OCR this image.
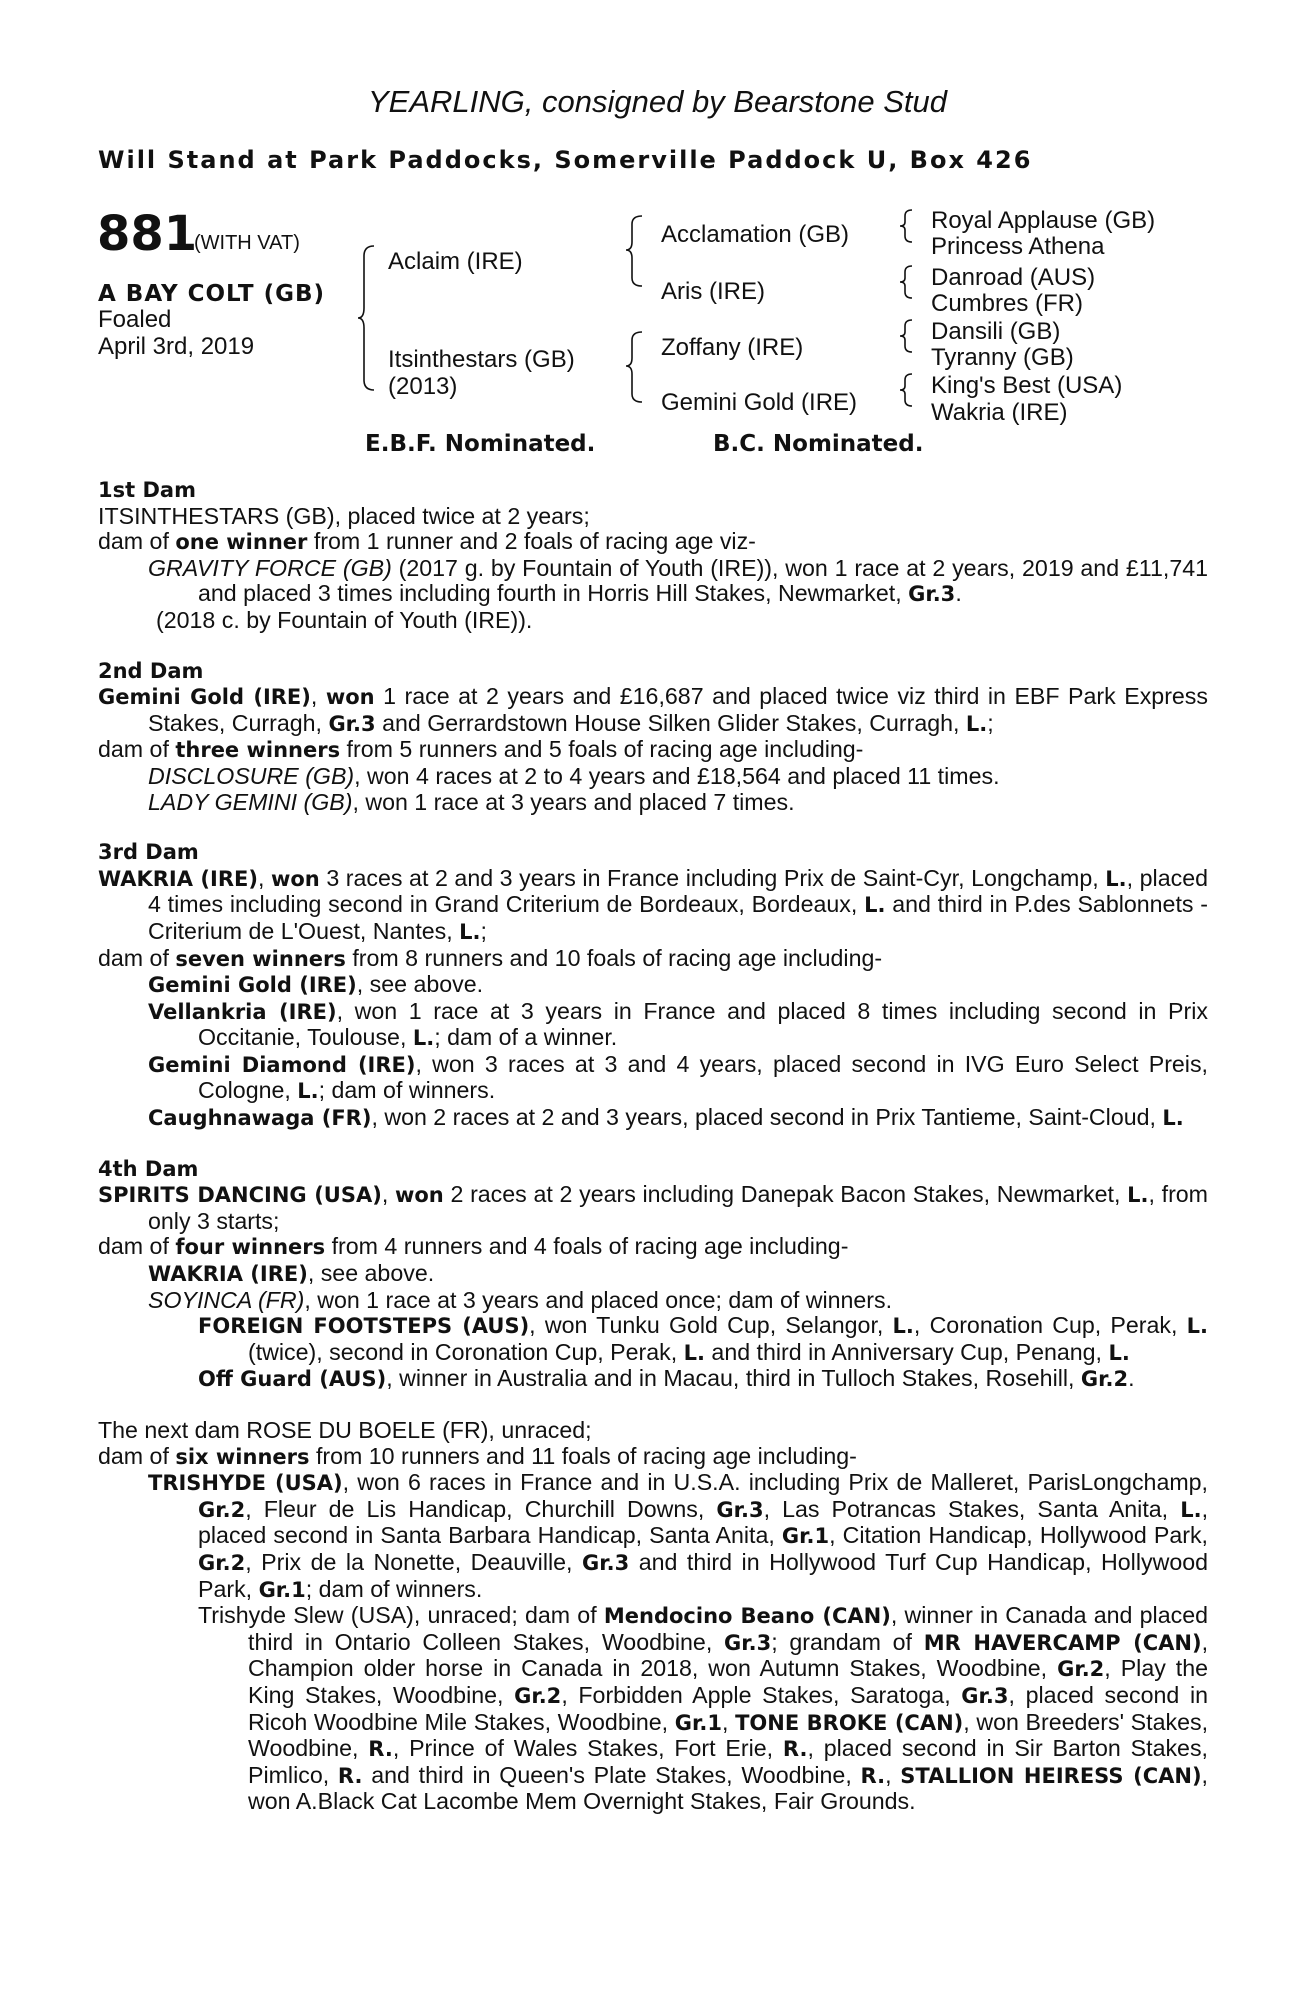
YEARLING, consigned by Bearstone Stud
Will Stand at Park Paddocks, Somerville Paddock U, Box 426
881
(WITH VAT)
A BAY COLT (GB)
Foaled
April 3rd, 2019
Aclaim (IRE)
Itsinthestars (GB)
(2013)
Acclamation (GB)
Aris (IRE)
Zoffany (IRE)
Gemini Gold (IRE)
Royal Applause (GB)
Princess Athena
Danroad (AUS)
Cumbres (FR)
Dansili (GB)
Tyranny (GB)
King's Best (USA)
Wakria (IRE)
E.B.F. Nominated.	B.C. Nominated.
1st Dam
ITSINTHESTARS (GB), placed twice at 2 years;
dam of one winner from 1 runner and 2 foals of racing age viz-
GRAVITY FORCE (GB) (2017 g. by Fountain of Youth (IRE)), won 1 race at 2 years, 2019 and £11,741 and placed 3 times including fourth in Horris Hill Stakes, Newmarket, Gr.3.
(2018 c. by Fountain of Youth (IRE)).
2nd Dam
Gemini Gold (IRE), won 1 race at 2 years and £16,687 and placed twice viz third in EBF Park Express Stakes, Curragh, Gr.3 and Gerrardstown House Silken Glider Stakes, Curragh, L.;
dam of three winners from 5 runners and 5 foals of racing age including-
DISCLOSURE (GB), won 4 races at 2 to 4 years and £18,564 and placed 11 times.
LADY GEMINI (GB), won 1 race at 3 years and placed 7 times.
3rd Dam
WAKRIA (IRE), won 3 races at 2 and 3 years in France including Prix de Saint-Cyr, Longchamp, L., placed 4 times including second in Grand Criterium de Bordeaux, Bordeaux, L. and third in P.des Sablonnets - Criterium de L'Ouest, Nantes, L.;
dam of seven winners from 8 runners and 10 foals of racing age including-
Gemini Gold (IRE), see above.
Vellankria (IRE), won 1 race at 3 years in France and placed 8 times including second in Prix Occitanie, Toulouse, L.; dam of a winner.
Gemini Diamond (IRE), won 3 races at 3 and 4 years, placed second in IVG Euro Select Preis, Cologne, L.; dam of winners.
Caughnawaga (FR), won 2 races at 2 and 3 years, placed second in Prix Tantieme, Saint-Cloud, L.
4th Dam
SPIRITS DANCING (USA), won 2 races at 2 years including Danepak Bacon Stakes, Newmarket, L., from only 3 starts;
dam of four winners from 4 runners and 4 foals of racing age including-
WAKRIA (IRE), see above.
SOYINCA (FR), won 1 race at 3 years and placed once; dam of winners.
FOREIGN FOOTSTEPS (AUS), won Tunku Gold Cup, Selangor, L., Coronation Cup, Perak, L. (twice), second in Coronation Cup, Perak, L. and third in Anniversary Cup, Penang, L.
Off Guard (AUS), winner in Australia and in Macau, third in Tulloch Stakes, Rosehill, Gr.2.
The next dam ROSE DU BOELE (FR), unraced;
dam of six winners from 10 runners and 11 foals of racing age including-
TRISHYDE (USA), won 6 races in France and in U.S.A. including Prix de Malleret, ParisLongchamp, Gr.2, Fleur de Lis Handicap, Churchill Downs, Gr.3, Las Potrancas Stakes, Santa Anita, L., placed second in Santa Barbara Handicap, Santa Anita, Gr.1, Citation Handicap, Hollywood Park, Gr.2, Prix de la Nonette, Deauville, Gr.3 and third in Hollywood Turf Cup Handicap, Hollywood Park, Gr.1; dam of winners.
Trishyde Slew (USA), unraced; dam of Mendocino Beano (CAN), winner in Canada and placed third in Ontario Colleen Stakes, Woodbine, Gr.3; grandam of MR HAVERCAMP (CAN), Champion older horse in Canada in 2018, won Autumn Stakes, Woodbine, Gr.2, Play the King Stakes, Woodbine, Gr.2, Forbidden Apple Stakes, Saratoga, Gr.3, placed second in Ricoh Woodbine Mile Stakes, Woodbine, Gr.1, TONE BROKE (CAN), won Breeders' Stakes, Woodbine, R., Prince of Wales Stakes, Fort Erie, R., placed second in Sir Barton Stakes, Pimlico, R. and third in Queen's Plate Stakes, Woodbine, R., STALLION HEIRESS (CAN), won A.Black Cat Lacombe Mem Overnight Stakes, Fair Grounds.
